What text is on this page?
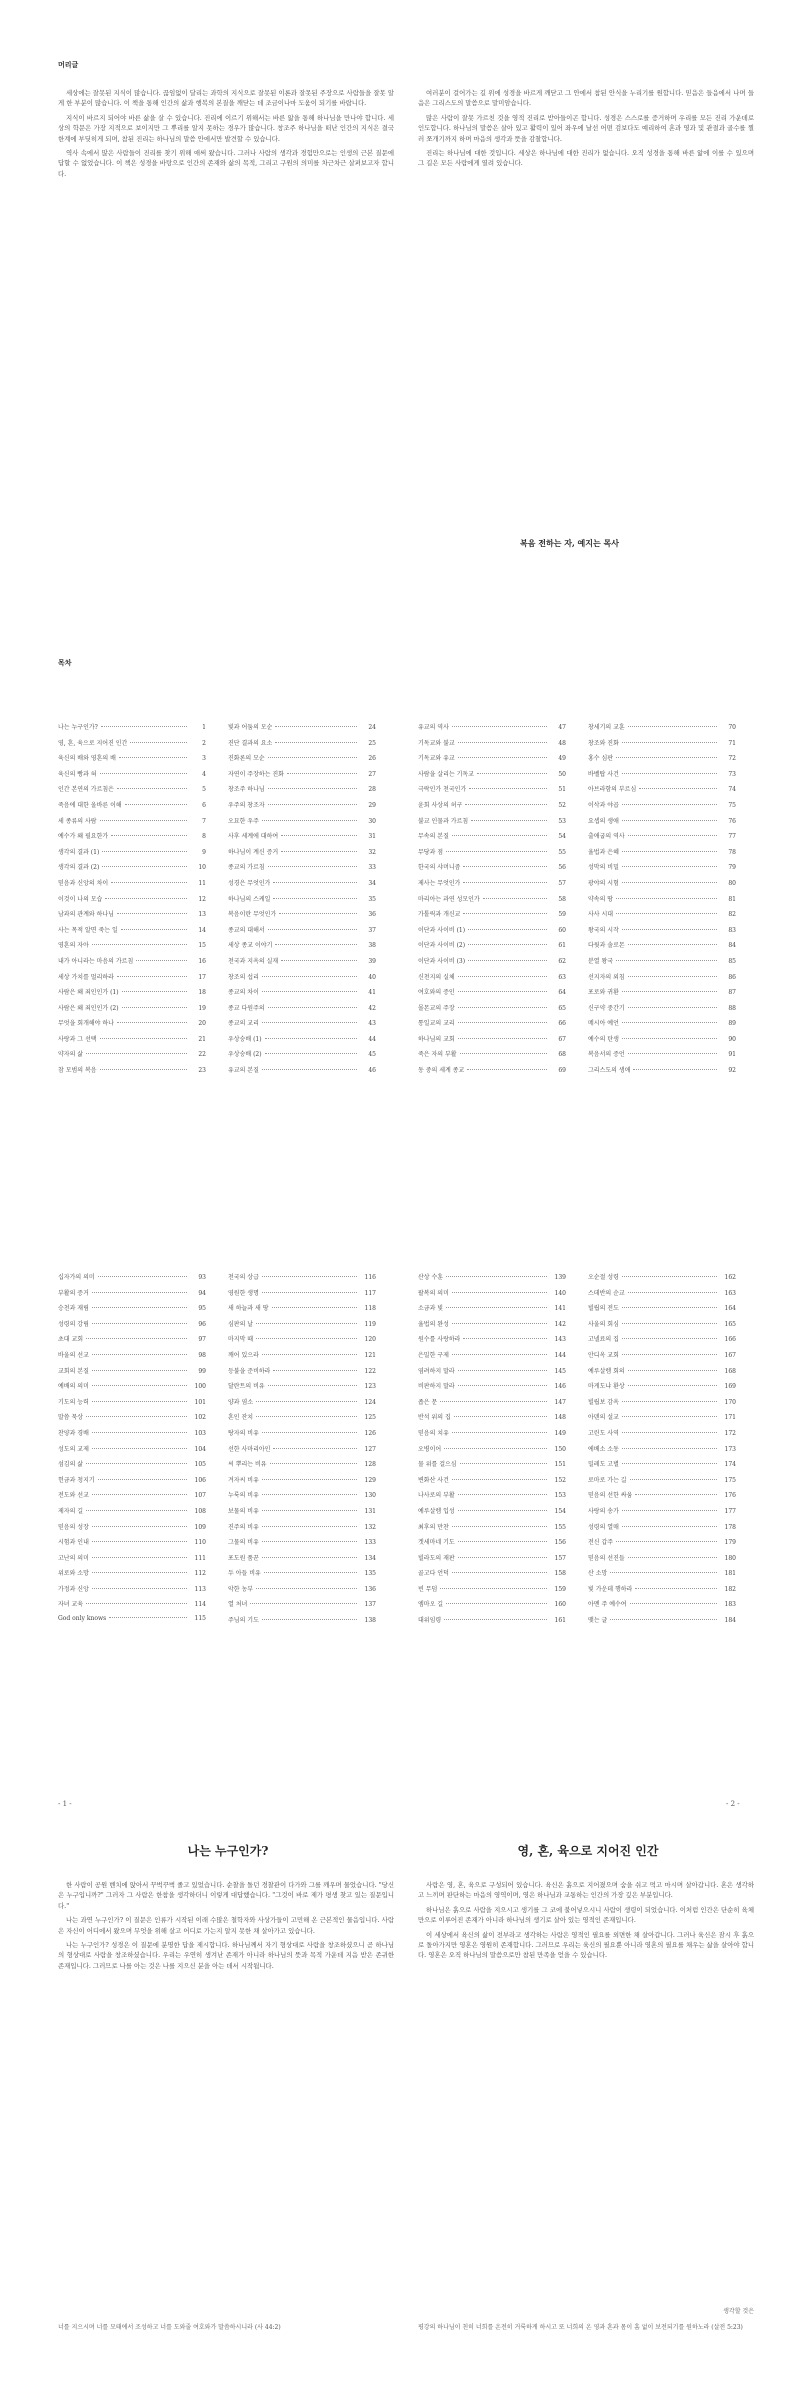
머리글

세상에는 잘못된 지식이 많습니다. 끊임없이 달리는 과학의 지식으로 잘못된 이론과 잘못된 주장으로 사람들을 잘못 알게 한 부분이 많습니다. 이 책을 통해 인간의 삶과 행복의 본질을 깨닫는 데 조금이나마 도움이 되기를 바랍니다.

지식이 바르지 되어야 바른 삶을 살 수 있습니다. 진리에 이르기 위해서는 바른 앎을 통해 하나님을 만나야 합니다. 세상의 학문은 가장 지적으로 보이지만 그 뿌리를 알지 못하는 경우가 많습니다. 창조주 하나님을 떠난 인간의 지식은 결국 한계에 부딪히게 되며, 참된 진리는 하나님의 말씀 안에서만 발견할 수 있습니다.

역사 속에서 많은 사람들이 진리를 찾기 위해 애써 왔습니다. 그러나 사람의 생각과 경험만으로는 인생의 근본 질문에 답할 수 없었습니다. 이 책은 성경을 바탕으로 인간의 존재와 삶의 목적, 그리고 구원의 의미를 차근차근 살펴보고자 합니다.

여러분이 걸어가는 길 위에 성경을 바르게 깨닫고 그 안에서 참된 안식을 누리기를 원합니다. 믿음은 들음에서 나며 들음은 그리스도의 말씀으로 말미암습니다.

많은 사람이 잘못 가르친 것을 영적 진리로 받아들이곤 합니다. 성경은 스스로를 증거하며 우리를 모든 진리 가운데로 인도합니다. 하나님의 말씀은 살아 있고 활력이 있어 좌우에 날선 어떤 검보다도 예리하여 혼과 영과 및 관절과 골수를 찔러 쪼개기까지 하며 마음의 생각과 뜻을 감찰합니다.

진리는 하나님에 대한 것입니다. 세상은 하나님에 대한 진리가 없습니다. 오직 성경을 통해 바른 앎에 이를 수 있으며 그 길은 모든 사람에게 열려 있습니다.

복음 전하는 자, 예지는 목사
목차
나는 누구인가?	1
영, 혼, 육으로 지어진 인간	2
육신의 배와 영혼의 배	3
육신의 빵과 혀	4
인간 본연의 가르침은	5
죽음에 대한 올바른 이해	6
세 종류의 사람	7
예수가 왜 필요한가	8
생각의 결과 (1)	9
생각의 결과 (2)	10
믿음과 신앙의 차이	11
이것이 나의 모습	12
남과의 관계와 하나님	13
사는 목적 알면 죽는 일	14
영혼의 자아	15
내가 아니라는 마음의 가르침	16
세상 가치를 멀리하라	17
사람은 왜 죄인인가 (1)	18
사람은 왜 죄인인가 (2)	19
무엇을 회개해야 하나	20
사랑과 그 선택	21
약자의 삶	22
참 모범의 복음	23
빛과 어둠의 모순	24
진단 결과의 요소	25
진화론의 모순	26
자연이 주장하는 진화	27
창조주 하나님	28
우주의 창조자	29
오묘한 우주	30
사후 세계에 대하여	31
하나님이 계신 증거	32
종교의 가르침	33
성경은 무엇인가	34
하나님의 스케일	35
복음이란 무엇인가	36
종교의 대해서	37
세상 종교 이야기	38
천국과 지옥의 실재	39
창조의 섭리	40
종교의 차이	41
종교 다원주의	42
종교의 교리	43
우상숭배 (1)	44
우상숭배 (2)	45
유교의 본질	46
유교의 역사	47
기독교와 불교	48
기독교와 유교	49
사람을 살리는 기독교	50
극락인가 천국인가	51
윤회 사상의 허구	52
불교 인물과 가르침	53
무속의 본질	54
무당과 점	55
한국의 샤머니즘	56
제사는 무엇인가	57
마리아는 과연 성모인가	58
가톨릭과 개신교	59
이단과 사이비 (1)	60
이단과 사이비 (2)	61
이단과 사이비 (3)	62
신천지의 실체	63
여호와의 증인	64
몰몬교의 주장	65
통일교의 교리	66
하나님의 교회	67
죽은 자의 부활	68
동 중의 세계 종교	69
창세기의 교훈	70
창조와 진화	71
홍수 심판	72
바벨탑 사건	73
아브라함의 부르심	74
이삭과 야곱	75
요셉의 생애	76
출애굽의 역사	77
율법과 은혜	78
성막의 비밀	79
광야의 시험	80
약속의 땅	81
사사 시대	82
왕국의 시작	83
다윗과 솔로몬	84
분열 왕국	85
선지자의 외침	86
포로와 귀환	87
신구약 중간기	88
메시아 예언	89
예수의 탄생	90
복음서의 증언	91
그리스도의 생애	92
십자가의 의미	93
부활의 증거	94
승천과 재림	95
성령의 강림	96
초대 교회	97
바울의 선교	98
교회의 본질	99
예배의 의미	100
기도의 능력	101
말씀 묵상	102
찬양과 경배	103
성도의 교제	104
섬김의 삶	105
헌금과 청지기	106
전도와 선교	107
제자의 길	108
믿음의 성장	109
시험과 인내	110
고난의 의미	111
위로와 소망	112
가정과 신앙	113
자녀 교육	114
God only knows	115
천국의 상급	116
영원한 생명	117
새 하늘과 새 땅	118
심판의 날	119
마지막 때	120
깨어 있으라	121
등불을 준비하라	122
달란트의 비유	123
양과 염소	124
혼인 잔치	125
탕자의 비유	126
선한 사마리아인	127
씨 뿌리는 비유	128
겨자씨 비유	129
누룩의 비유	130
보물의 비유	131
진주의 비유	132
그물의 비유	133
포도원 품꾼	134
두 아들 비유	135
악한 농부	136
열 처녀	137
주님의 기도	138
산상 수훈	139
팔복의 의미	140
소금과 빛	141
율법의 완성	142
원수를 사랑하라	143
은밀한 구제	144
염려하지 말라	145
비판하지 말라	146
좁은 문	147
반석 위의 집	148
믿음의 치유	149
오병이어	150
물 위를 걸으심	151
변화산 사건	152
나사로의 부활	153
예루살렘 입성	154
최후의 만찬	155
겟세마네 기도	156
빌라도의 재판	157
골고다 언덕	158
빈 무덤	159
엠마오 길	160
대위임령	161
오순절 성령	162
스데반의 순교	163
빌립의 전도	164
사울의 회심	165
고넬료의 집	166
안디옥 교회	167
예루살렘 회의	168
마게도냐 환상	169
빌립보 감옥	170
아덴의 설교	171
고린도 사역	172
에베소 소동	173
밀레도 고별	174
로마로 가는 길	175
믿음의 선한 싸움	176
사랑의 송가	177
성령의 열매	178
전신 갑주	179
믿음의 선진들	180
산 소망	181
빛 가운데 행하라	182
아멘 주 예수여	183
맺는 글	184
- 1 -	- 2 -
나는 누구인가?	영, 혼, 육으로 지어진 인간

한 사람이 공원 벤치에 앉아서 꾸벅꾸벅 졸고 있었습니다. 순찰을 돌던 경찰관이 다가와 그를 깨우며 물었습니다. "당신은 누구입니까?" 그러자 그 사람은 한참을 생각하더니 이렇게 대답했습니다. "그것이 바로 제가 평생 찾고 있는 질문입니다."

나는 과연 누구인가? 이 질문은 인류가 시작된 이래 수많은 철학자와 사상가들이 고민해 온 근본적인 물음입니다. 사람은 자신이 어디에서 왔으며 무엇을 위해 살고 어디로 가는지 알지 못한 채 살아가고 있습니다.

나는 누구인가? 성경은 이 질문에 분명한 답을 제시합니다. 하나님께서 자기 형상대로 사람을 창조하셨으니 곧 하나님의 형상대로 사람을 창조하셨습니다. 우리는 우연히 생겨난 존재가 아니라 하나님의 뜻과 목적 가운데 지음 받은 존귀한 존재입니다. 그러므로 나를 아는 것은 나를 지으신 분을 아는 데서 시작됩니다.

사람은 영, 혼, 육으로 구성되어 있습니다. 육신은 흙으로 지어졌으며 숨을 쉬고 먹고 마시며 살아갑니다. 혼은 생각하고 느끼며 판단하는 마음의 영역이며, 영은 하나님과 교통하는 인간의 가장 깊은 부분입니다.

하나님은 흙으로 사람을 지으시고 생기를 그 코에 불어넣으시니 사람이 생령이 되었습니다. 이처럼 인간은 단순히 육체만으로 이루어진 존재가 아니라 하나님의 생기로 살아 있는 영적인 존재입니다.

이 세상에서 육신의 삶이 전부라고 생각하는 사람은 영적인 필요를 외면한 채 살아갑니다. 그러나 육신은 잠시 후 흙으로 돌아가지만 영혼은 영원히 존재합니다. 그러므로 우리는 육신의 필요뿐 아니라 영혼의 필요를 채우는 삶을 살아야 합니다. 영혼은 오직 하나님의 말씀으로만 참된 만족을 얻을 수 있습니다.

너를 지으시며 너를 모태에서 조성하고 너를 도와줄 여호와가 말씀하시니라 (사 44:2)
생각할 것은
평강의 하나님이 친히 너희를 온전히 거룩하게 하시고 또 너희의 온 영과 혼과 몸이 흠 없이 보전되기를 원하노라 (살전 5:23)
